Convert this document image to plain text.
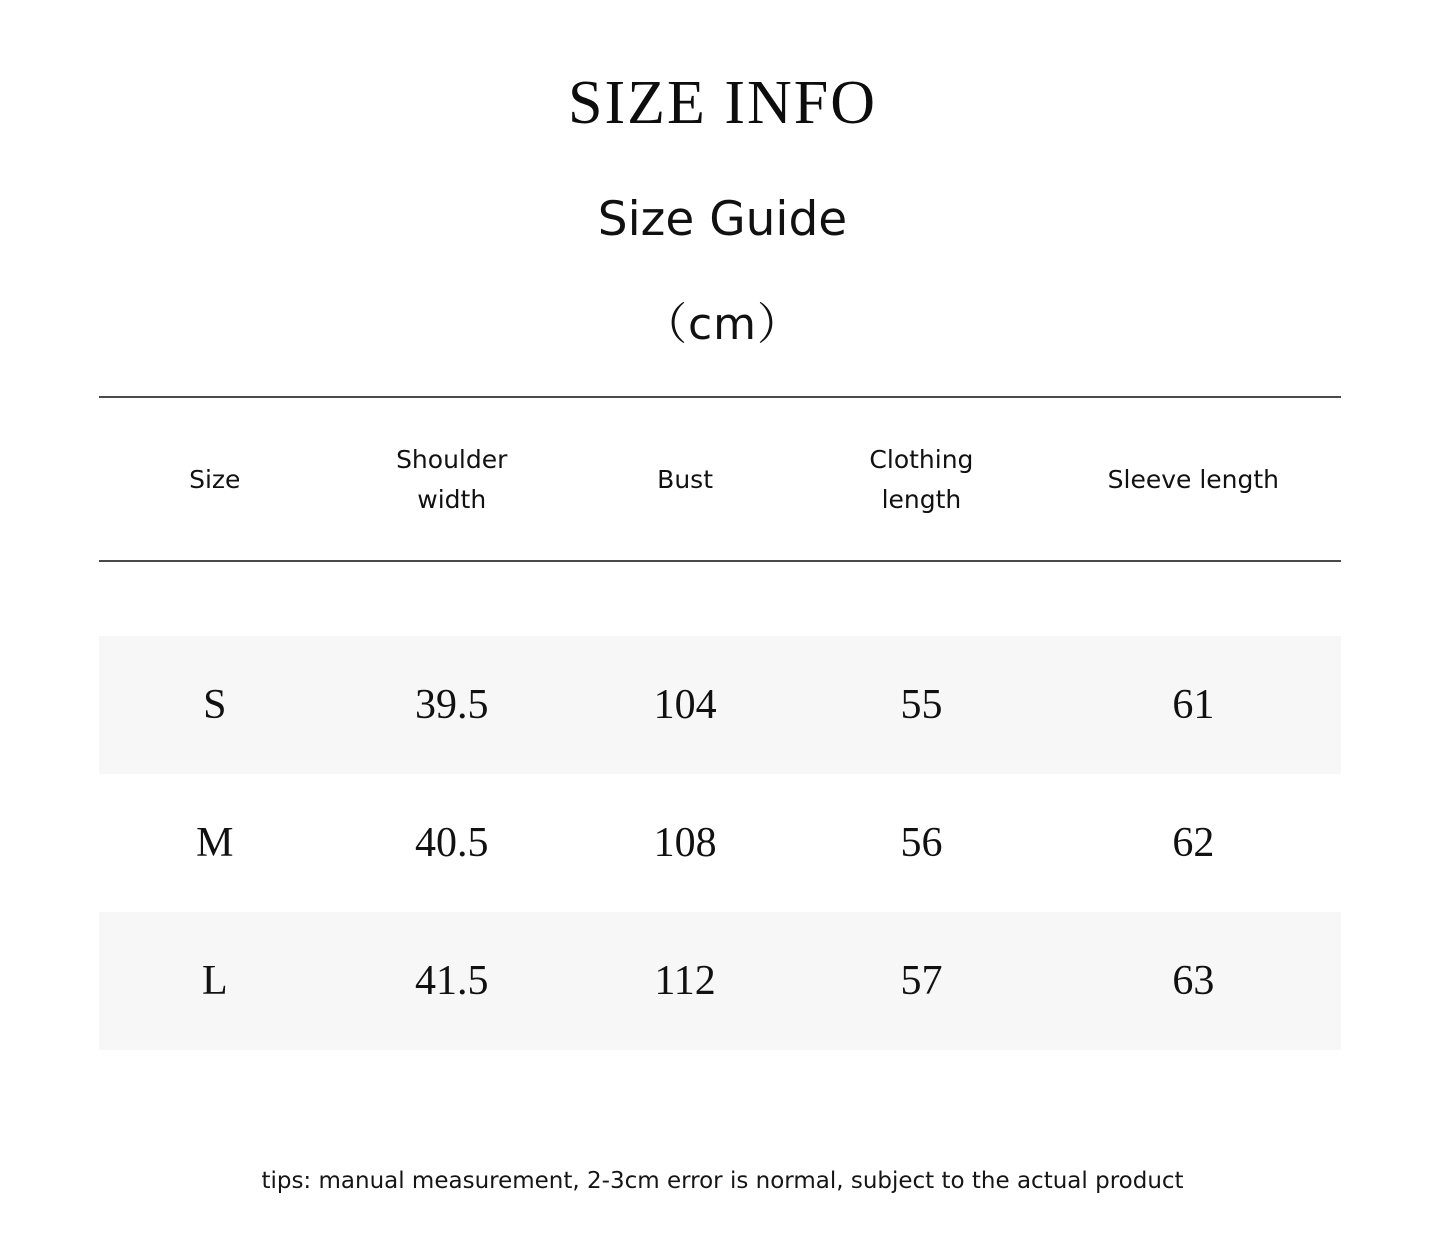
SIZE INFO
Size Guide
（cm）
Size	Shoulder width	Bust	Clothing length	Sleeve length

S	39.5	104	55	61
M	40.5	108	56	62
L	41.5	112	57	63
tips: manual measurement, 2-3cm error is normal, subject to the actual product
